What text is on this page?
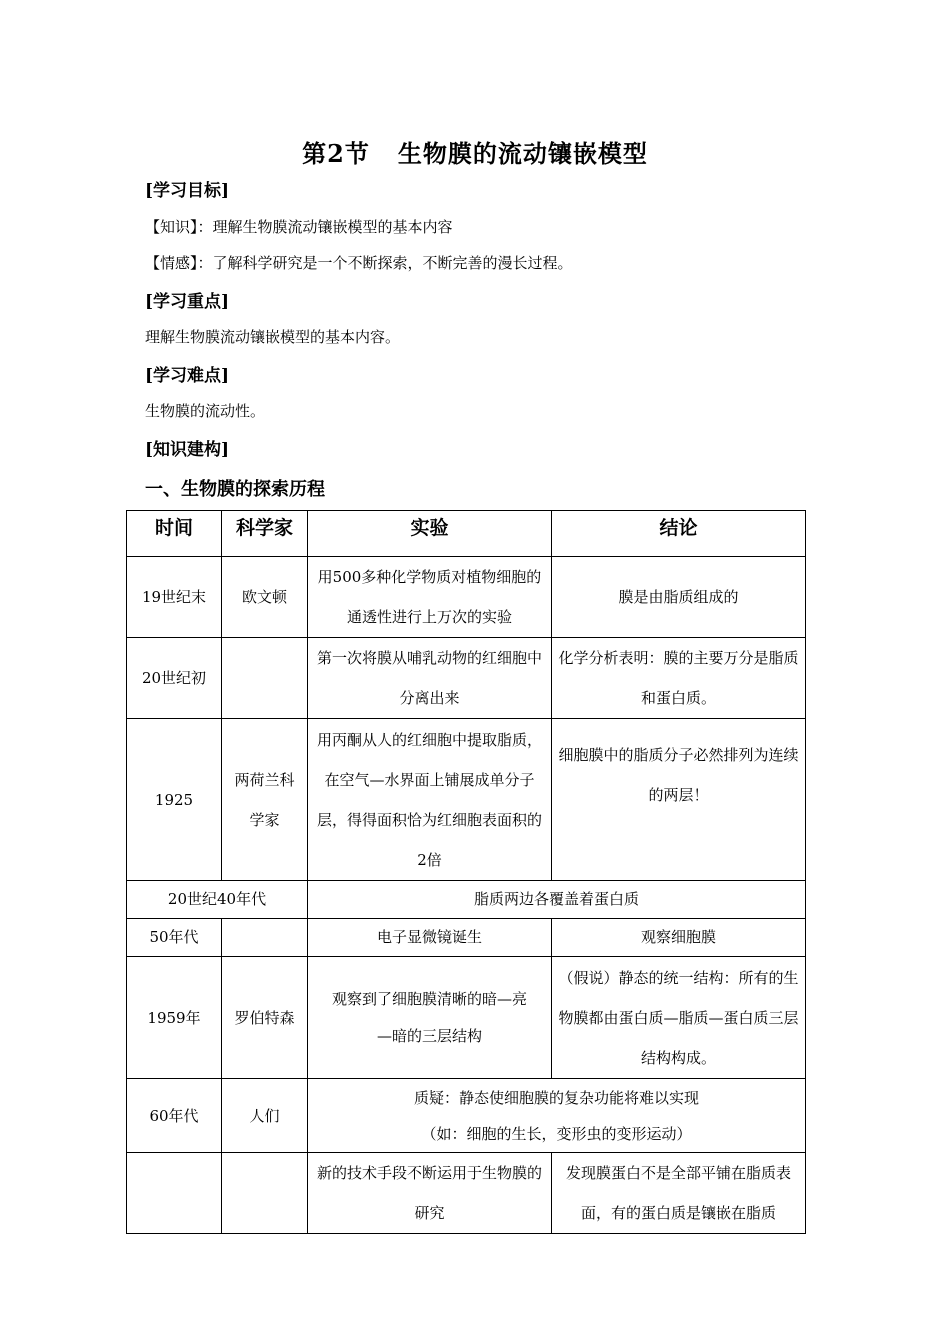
第2节 生物膜的流动镶嵌模型
[学习目标]
【知识】：理解生物膜流动镶嵌模型的基本内容
【情感】：了解科学研究是一个不断探索，不断完善的漫长过程。
[学习重点]
理解生物膜流动镶嵌模型的基本内容。
[学习难点]
生物膜的流动性。
[知识建构]
一、生物膜的探索历程
时间	科学家	实验	结论
19世纪末	欧文顿	用500多种化学物质对植物细胞的通透性进行上万次的实验	膜是由脂质组成的
20世纪初		第一次将膜从哺乳动物的红细胞中分离出来	化学分析表明：膜的主要万分是脂质和蛋白质。
1925	两荷兰科学家	用丙酮从人的红细胞中提取脂质，在空气—水界面上铺展成单分子层，得得面积恰为红细胞表面积的2倍	细胞膜中的脂质分子必然排列为连续的两层！
20世纪40年代		脂质两边各覆盖着蛋白质	
50年代		电子显微镜诞生	观察细胞膜
1959年	罗伯特森	观察到了细胞膜清晰的暗—亮—暗的三层结构	（假说）静态的统一结构：所有的生物膜都由蛋白质—脂质—蛋白质三层结构构成。
60年代	人们	质疑：静态使细胞膜的复杂功能将难以实现
（如：细胞的生长，变形虫的变形运动）	

		新的技术手段不断运用于生物膜的研究	发现膜蛋白不是全部平铺在脂质表面，有的蛋白质是镶嵌在脂质
